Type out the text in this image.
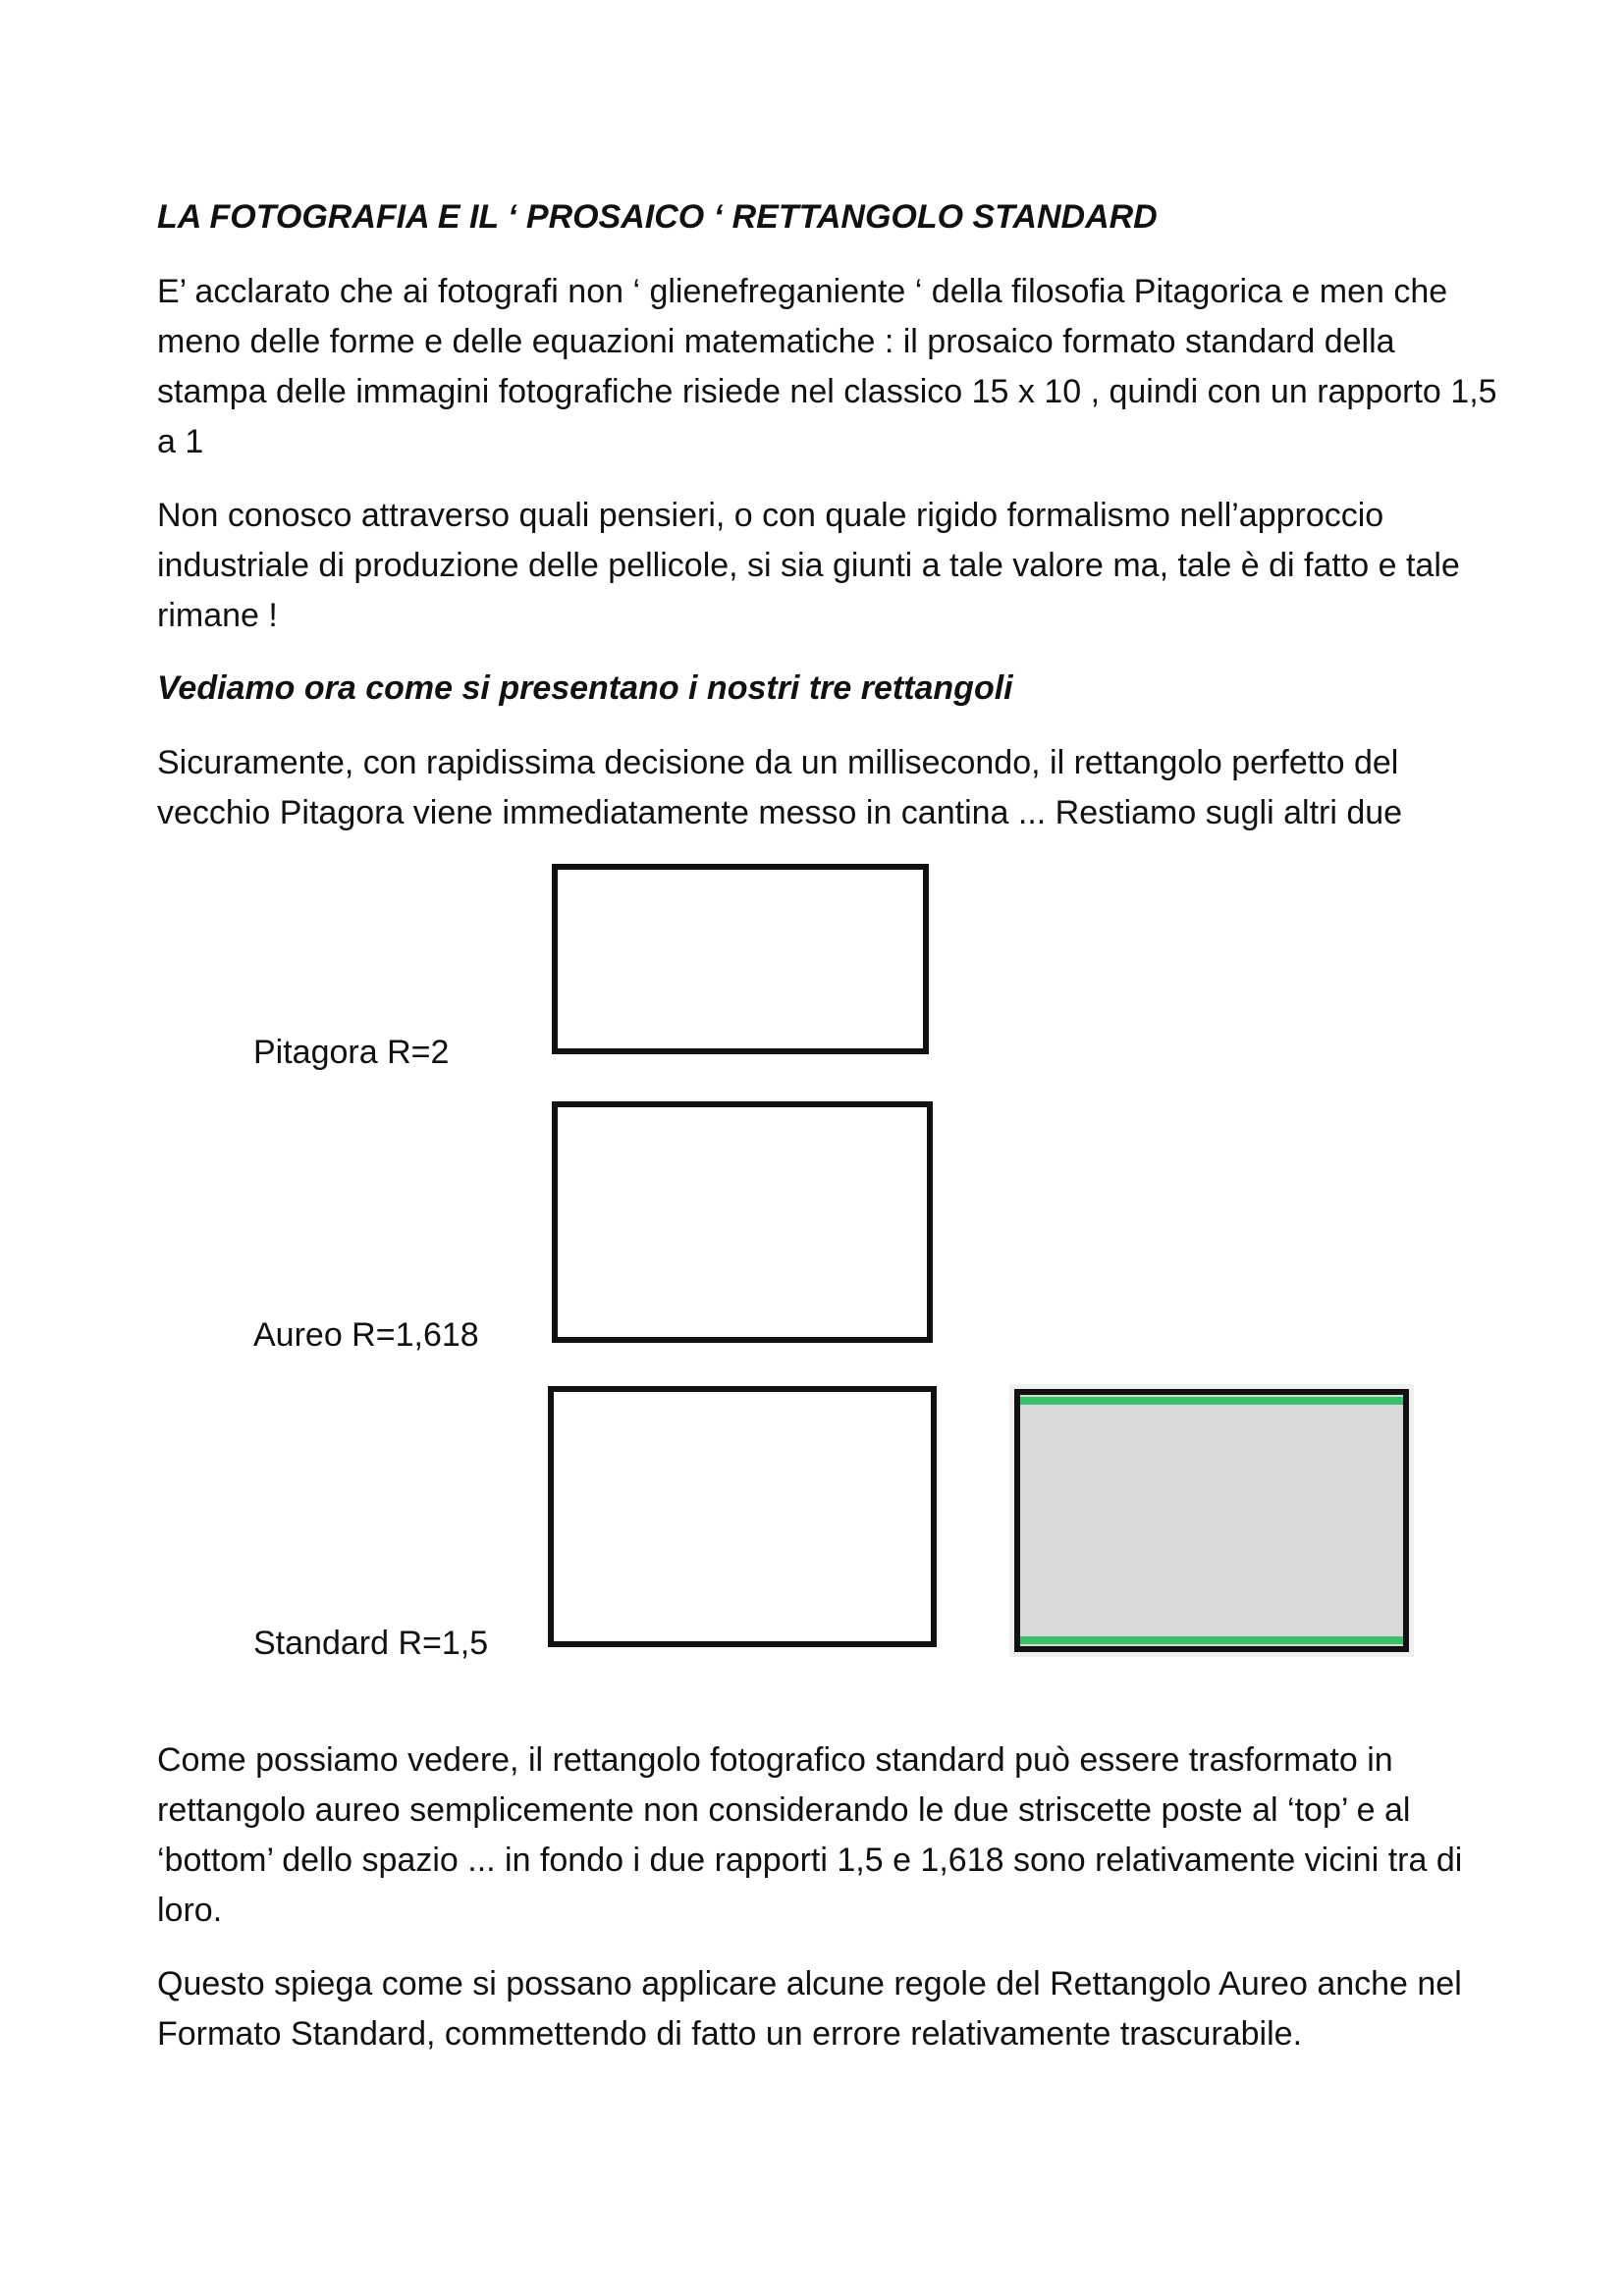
LA FOTOGRAFIA E IL ‘ PROSAICO ‘ RETTANGOLO STANDARD

E’ acclarato che ai fotografi non ‘ glienefreganiente ‘ della filosofia Pitagorica e men che meno delle forme e delle equazioni matematiche : il prosaico formato standard della stampa delle immagini fotografiche risiede nel classico 15 x 10 , quindi con un rapporto 1,5 a 1

Non conosco attraverso quali pensieri, o con quale rigido formalismo nell’approccio industriale di produzione delle pellicole, si sia giunti a tale valore ma, tale è di fatto e tale rimane !

Vediamo ora come si presentano i nostri tre rettangoli

Sicuramente, con rapidissima decisione da un millisecondo, il rettangolo perfetto del vecchio Pitagora viene immediatamente messo in cantina ... Restiamo sugli altri due

Pitagora R=2
Aureo R=1,618
Standard R=1,5

Come possiamo vedere, il rettangolo fotografico standard può essere trasformato in rettangolo aureo semplicemente non considerando le due striscette poste al ‘top’ e al ‘bottom’ dello spazio ... in fondo i due rapporti 1,5 e 1,618 sono relativamente vicini tra di loro.

Questo spiega come si possano applicare alcune regole del Rettangolo Aureo anche nel Formato Standard, commettendo di fatto un errore relativamente trascurabile.
